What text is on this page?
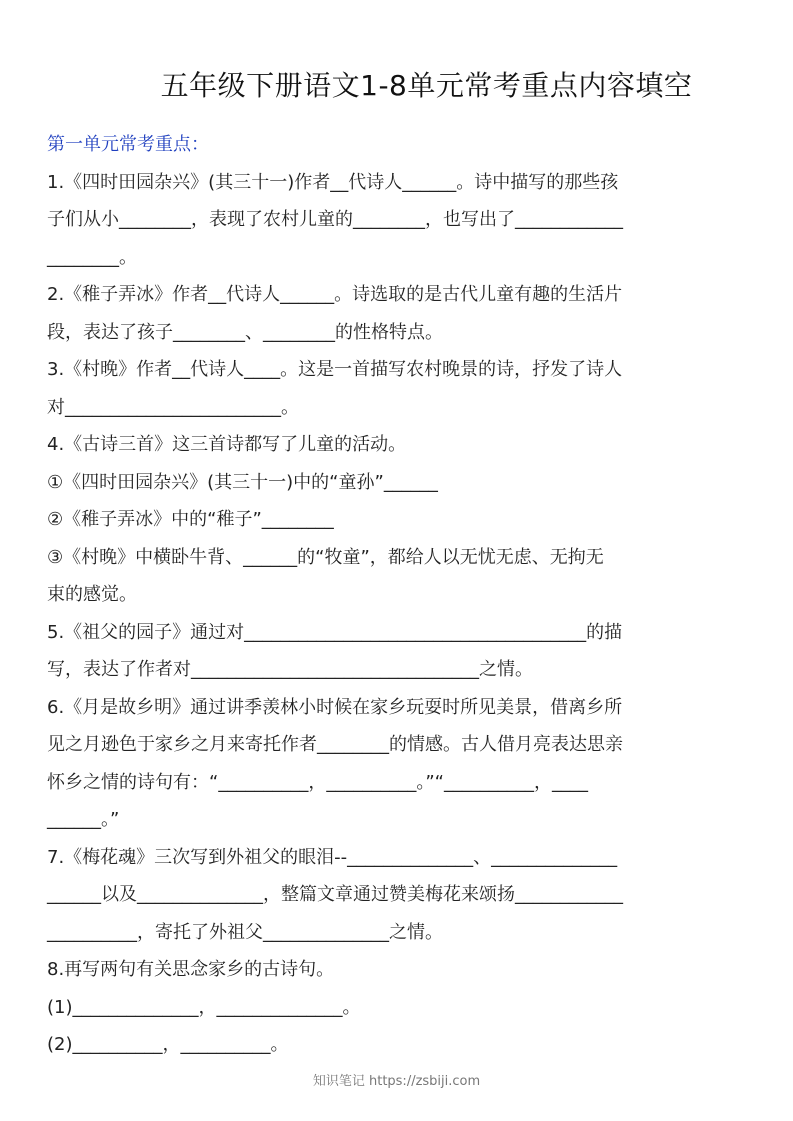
五年级下册语文1-8单元常考重点内容填空
第一单元常考重点：
1.《四时田园杂兴》(其三十一)作者__代诗人______。诗中描写的那些孩
子们从小________，表现了农村儿童的________，也写出了____________
________。
2.《稚子弄冰》作者__代诗人______。诗选取的是古代儿童有趣的生活片
段，表达了孩子________、________的性格特点。
3.《村晚》作者__代诗人____。这是一首描写农村晚景的诗，抒发了诗人
对________________________。
4.《古诗三首》这三首诗都写了儿童的活动。
①《四时田园杂兴》(其三十一)中的“童孙”______
②《稚子弄冰》中的“稚子”________
③《村晚》中横卧牛背、______的“牧童”，都给人以无忧无虑、无拘无
束的感觉。
5.《祖父的园子》通过对______________________________________的描
写，表达了作者对________________________________之情。
6.《月是故乡明》通过讲季羡林小时候在家乡玩耍时所见美景，借离乡所
见之月逊色于家乡之月来寄托作者________的情感。古人借月亮表达思亲
怀乡之情的诗句有：“__________，__________。”“__________，____
______。”
7.《梅花魂》三次写到外祖父的眼泪--______________、______________
______以及______________，整篇文章通过赞美梅花来颂扬____________
__________，寄托了外祖父______________之情。
8.再写两句有关思念家乡的古诗句。
(1)______________，______________。
(2)__________，__________。
知识笔记 https://zsbiji.com
